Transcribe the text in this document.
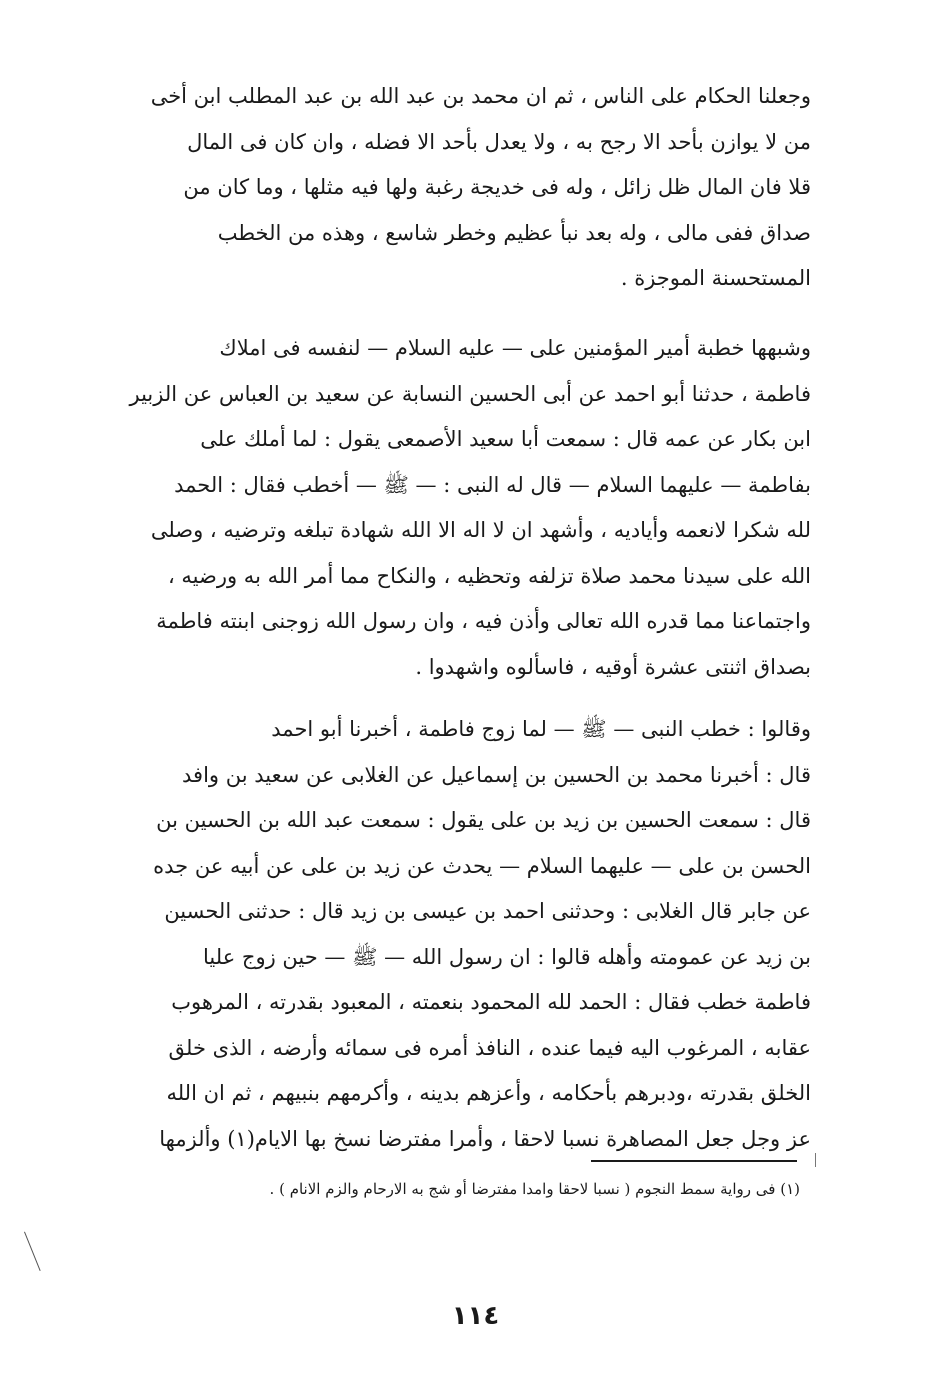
وجعلنا الحكام على الناس ، ثم ان محمد بن عبد الله بن عبد المطلب ابن أخى
من لا يوازن بأحد الا رجح به ، ولا يعدل بأحد الا فضله ، وان كان فى المال
قلا فان المال ظل زائل ، وله فى خديجة رغبة ولها فيه مثلها ، وما كان من
صداق ففى مالى ، وله بعد نبأ عظيم وخطر شاسع ، وهذه من الخطب
المستحسنة الموجزة .
وشبهها خطبة أمير المؤمنين على — عليه السلام — لنفسه فى املاك
فاطمة ، حدثنا أبو احمد عن أبى الحسين النسابة عن سعيد بن العباس عن الزبير
ابن بكار عن عمه قال : سمعت أبا سعيد الأصمعى يقول : لما أملك على
بفاطمة — عليهما السلام — قال له النبى : — ﷺ — أخطب فقال : الحمد
لله شكرا لانعمه وأياديه ، وأشهد ان لا اله الا الله شهادة تبلغه وترضيه ، وصلى
الله على سيدنا محمد صلاة تزلفه وتحظيه ، والنكاح مما أمر الله به ورضيه ،
واجتماعنا مما قدره الله تعالى وأذن فيه ، وان رسول الله زوجنى ابنته فاطمة
بصداق اثنتى عشرة أوقيه ، فاسألوه واشهدوا .
وقالوا : خطب النبى — ﷺ — لما زوج فاطمة ، أخبرنا أبو احمد
قال : أخبرنا محمد بن الحسين بن إسماعيل عن الغلابى عن سعيد بن وافد
قال : سمعت الحسين بن زيد بن على يقول : سمعت عبد الله بن الحسين بن
الحسن بن على — عليهما السلام — يحدث عن زيد بن على عن أبيه عن جده
عن جابر قال الغلابى : وحدثنى احمد بن عيسى بن زيد قال : حدثنى الحسين
بن زيد عن عمومته وأهله قالوا : ان رسول الله — ﷺ — حين زوج عليا
فاطمة خطب فقال : الحمد لله المحمود بنعمته ، المعبود بقدرته ، المرهوب
عقابه ، المرغوب اليه فيما عنده ، النافذ أمره فى سمائه وأرضه ، الذى خلق
الخلق بقدرته ،ودبرهم بأحكامه ، وأعزهم بدينه ، وأكرمهم بنبيهم ، ثم ان الله
عز وجل جعل المصاهرة نسبا لاحقا ، وأمرا مفترضا نسخ بها الايام(١) وألزمها
(١) فى رواية سمط النجوم ( نسبا لاحقا وامدا مفترضا أو شج به الارحام والزم الانام ) .
١١٤
